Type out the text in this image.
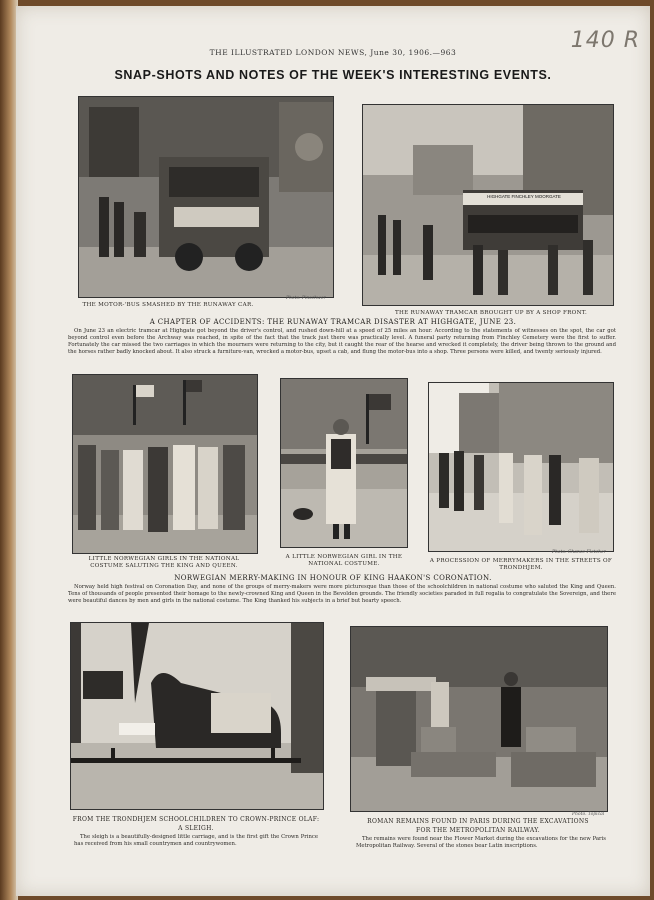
THE ILLUSTRATED LONDON NEWS, June 30, 1906.—963	140 R
SNAP-SHOTS AND NOTES OF THE WEEK'S INTERESTING EVENTS.
THE MOTOR-'BUS SMASHED BY THE RUNAWAY CAR.
Photo. Pinschwer
HIGHGATE FINCHLEY MOORGATE
THE RUNAWAY TRAMCAR BROUGHT UP BY A SHOP FRONT.
A CHAPTER OF ACCIDENTS: THE RUNAWAY TRAMCAR DISASTER AT HIGHGATE, JUNE 23.
On June 23 an electric tramcar at Highgate got beyond the driver's control, and rushed down-hill at a speed of 25 miles an hour. According to the statements of witnesses on the spot, the car got beyond control even before the Archway was reached, in spite of the fact that the track just there was practically level. A funeral party returning from Finchley Cemetery were the first to suffer. Fortunately the car missed the two carriages in which the mourners were returning to the city, but it caught the rear of the hearse and wrecked it completely, the driver being thrown to the ground and the horses rather badly knocked about. It also struck a furniture-van, wrecked a motor-bus, upset a cab, and flung the motor-bus into a shop. Three persons were killed, and twenty seriously injured.
LITTLE NORWEGIAN GIRLS IN THE NATIONAL COSTUME SALUTING THE KING AND QUEEN.
A LITTLE NORWEGIAN GIRL IN THE NATIONAL COSTUME.	A PROCESSION OF MERRYMAKERS IN THE STREETS OF TRONDHJEM.
Photo. Chance-Fletcher
NORWEGIAN MERRY-MAKING IN HONOUR OF KING HAAKON'S CORONATION.
Norway held high festival on Coronation Day, and none of the groups of merry-makers were more picturesque than those of the schoolchildren in national costume who saluted the King and Queen. Tens of thousands of people presented their homage to the newly-crowned King and Queen in the Bevolden grounds. The friendly societies paraded in full regalia to congratulate the Sovereign, and there were beautiful dances by men and girls in the national costume. The King thanked his subjects in a brief but hearty speech.
FROM THE TRONDHJEM SCHOOLCHILDREN TO CROWN-PRINCE OLAF:
A SLEIGH.
The sleigh is a beautifully-designed little carriage, and is the first gift the Crown Prince has received from his small countrymen and countrywomen.
Photo. Topical
ROMAN REMAINS FOUND IN PARIS DURING THE EXCAVATIONS
FOR THE METROPOLITAN RAILWAY.
The remains were found near the Flower Market during the excavations for the new Paris Metropolitan Railway. Several of the stones bear Latin inscriptions.
